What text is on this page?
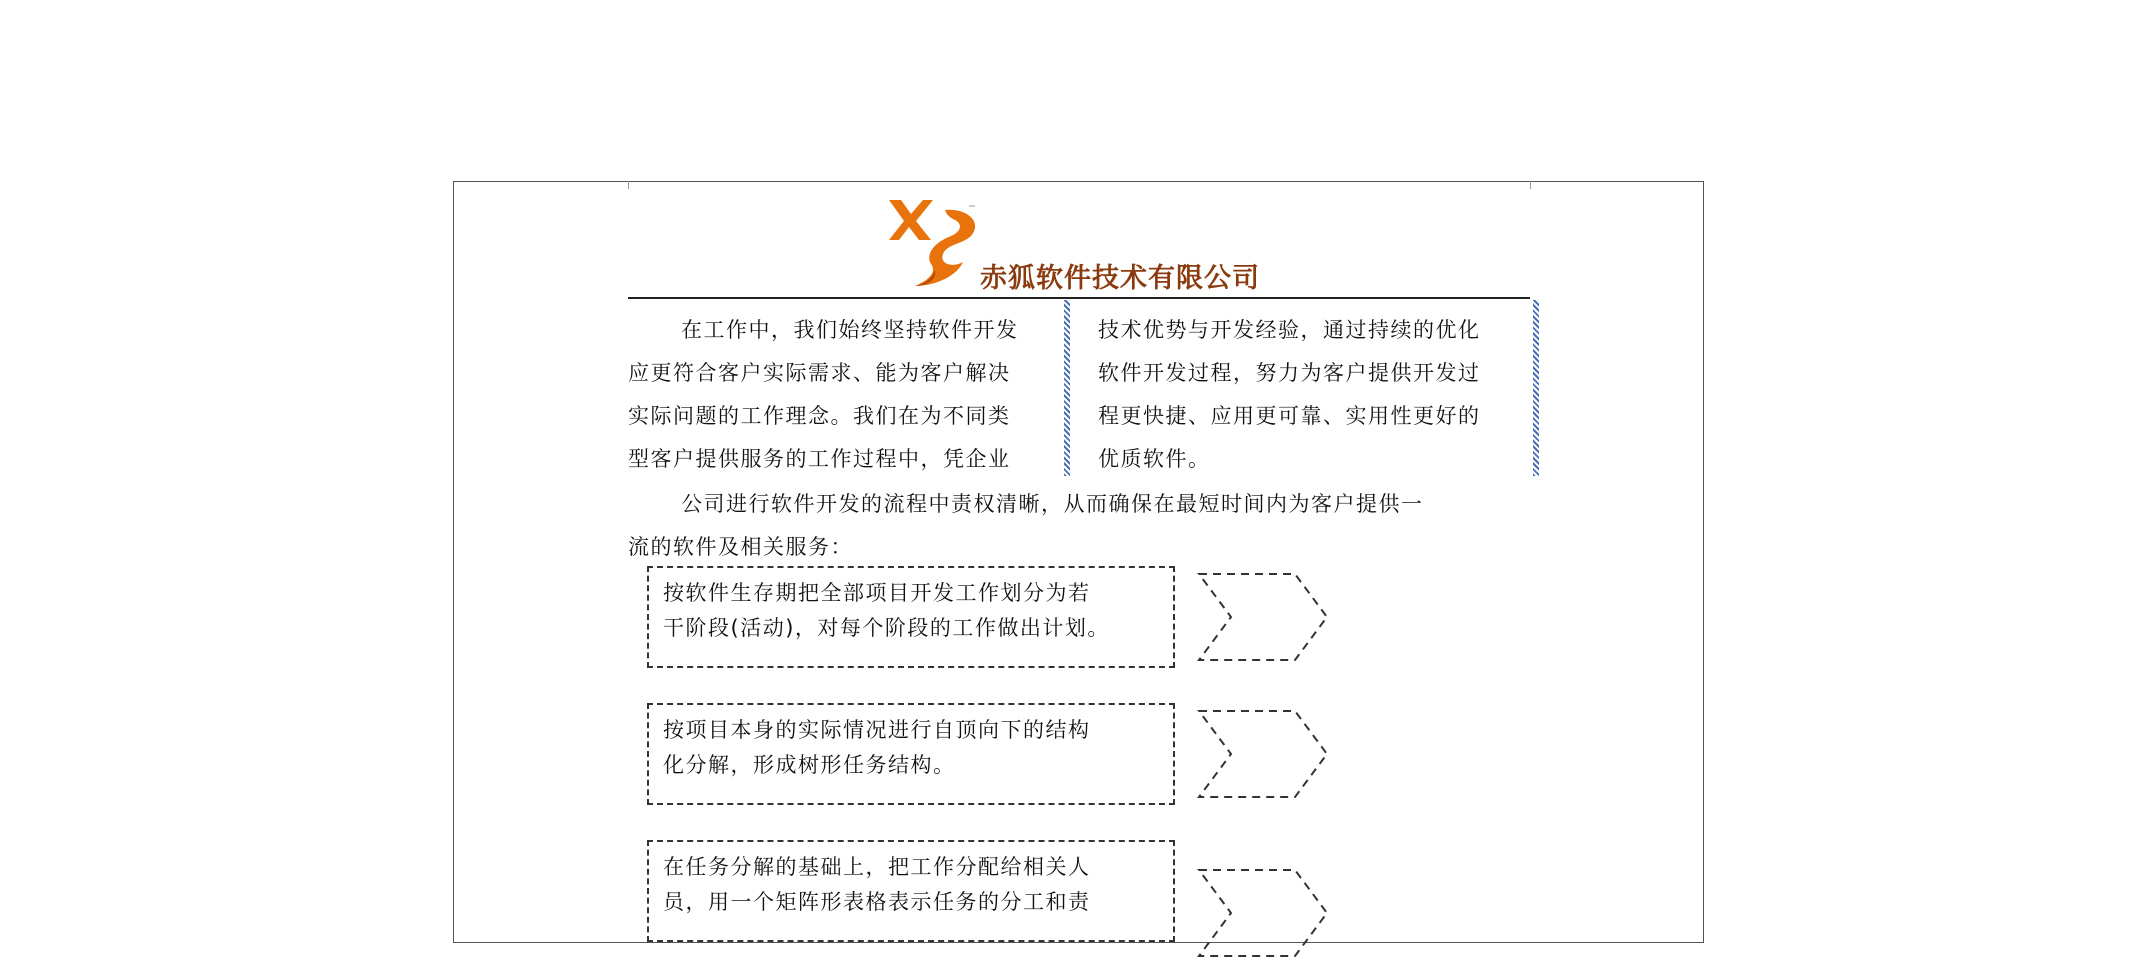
赤狐软件技术有限公司
在工作中，我们始终坚持软件开发
应更符合客户实际需求、能为客户解决
实际问题的工作理念。我们在为不同类
型客户提供服务的工作过程中，凭企业
技术优势与开发经验，通过持续的优化
软件开发过程，努力为客户提供开发过
程更快捷、应用更可靠、实用性更好的
优质软件。
公司进行软件开发的流程中责权清晰，从而确保在最短时间内为客户提供一
流的软件及相关服务：
按软件生存期把全部项目开发工作划分为若
干阶段(活动)，对每个阶段的工作做出计划。
按项目本身的实际情况进行自顶向下的结构
化分解，形成树形任务结构。
在任务分解的基础上，把工作分配给相关人
员，用一个矩阵形表格表示任务的分工和责
